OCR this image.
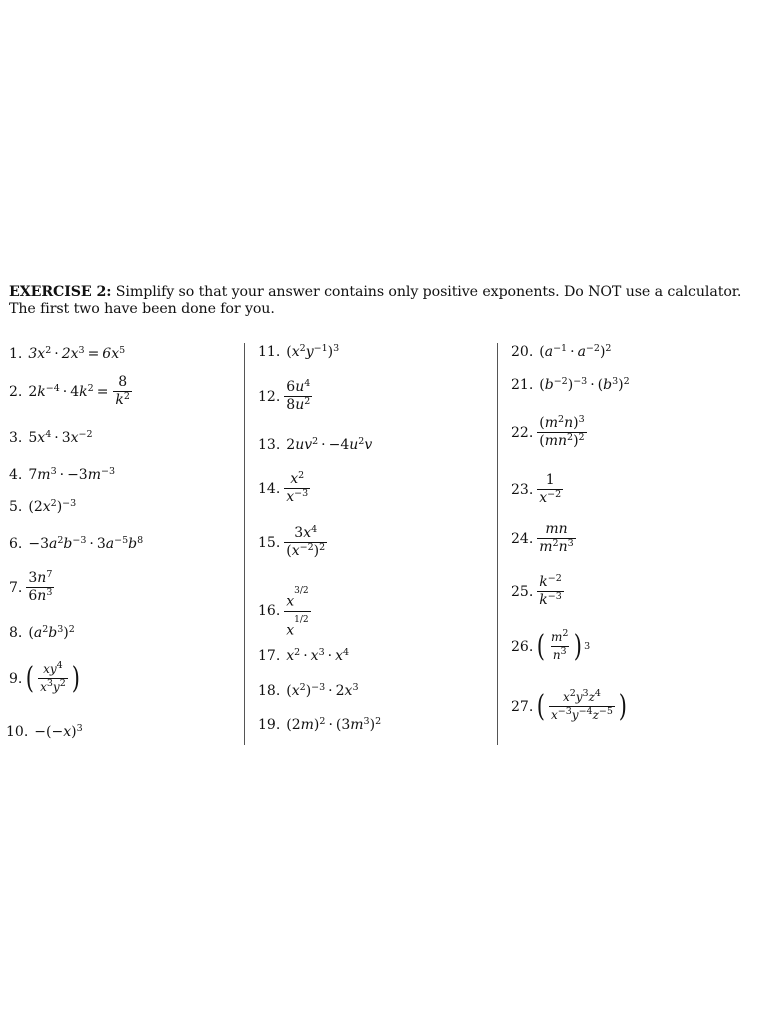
EXERCISE 2: Simplify so that your answer contains only positive exponents. Do NOT use a calculator. The first two have been done for you.
1. $3x^2 \cdot 2x^3 = 6x^5$
2. $2k^{-4} \cdot 4k^2 = \frac{8}{k^2}$
3. $5x^4 \cdot 3x^{-2}$
4. $7m^3 \cdot -3m^{-3}$
5. $(2x^2)^{-3}$
6. $-3a^2b^{-3} \cdot 3a^{-5}b^8$
7. $\frac{3n^7}{6n^3}$
8. $(a^2b^3)^2$
9. ( $\frac{xy^4}{x^3y^2}$ )
10. $-(-x)^3$
11. $(x^2y^{-1})^3$
12. $\frac{6u^4}{8u^2}$
13. $2uv^2 \cdot -4u^2v$
14. $\frac{x^2}{x^{-3}}$
15. $\frac{3x^4}{(x^{-2})^2}$
16. $\frac{x3/2}{x1/2}$
17. $x^2 \cdot x^3 \cdot x^4$
18. $(x^2)^{-3} \cdot 2x^3$
19. $(2m)^2 \cdot (3m^3)^2$
20. $(a^{-1} \cdot a^{-2})^2$
21. $(b^{-2})^{-3} \cdot (b^3)^2$
22. $\frac{(m^2n)^3}{(mn^2)^2}$
23. $\frac{1}{x^{-2}}$
24. $\frac{mn}{m^2n^3}$
25. $\frac{k^{-2}}{k^{-3}}$
26. ( $\frac{m^2}{n^3}$ ) 3
27. ( $\frac{x^2y^3z^4}{x^{-3}y^{-4}z^{-5}}$ )
